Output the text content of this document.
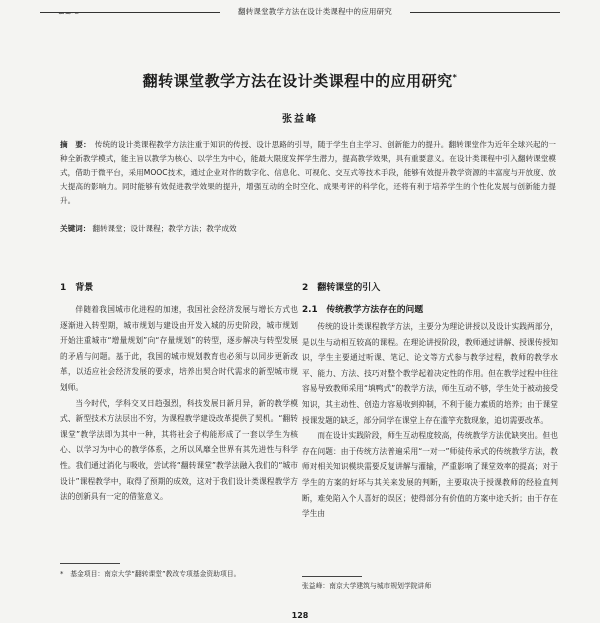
∽~～	翻转课堂教学方法在设计类课程中的应用研究
翻转课堂教学方法在设计类课程中的应用研究*
张益峰
摘　要： 传统的设计类课程教学方法注重于知识的传授、设计思路的引导，随于学生自主学习、创新能力的提升。翻转课堂作为近年全球兴起的一种全新教学模式，能主旨以教学为核心、以学生为中心，能最大限度发挥学生潜力，提高教学效果，具有重要意义。在设计类课程中引入翻转课堂模式，借助于微平台，采用MOOC技术，通过企业对作的数字化、信息化、可视化、交互式等技术手段，能够有效提升教学资源的丰富度与开放度、放大提高的影响力。同时能够有效促进教学效果的提升，增强互动的全时空化、成果考评的科学化，还将有利于培养学生的个性化发展与创新能力提升。
关键词： 翻转课堂；设计课程；教学方法；教学成效
1　背景

伴随着我国城市化进程的加速，我国社会经济发展与增长方式也逐渐进入转型期，城市规划与建设由开发入城的历史阶段，城市规划开始注重城市“增量规划”向“存量规划”的转型，逐步解决与转型发展的矛盾与问题。基于此，我国的城市规划教育也必须与以同步更新改革，以适应社会经济发展的要求，培养出契合时代需求的新型城市规划师。

当今时代，学科交叉日趋强烈，科技发展日新月异，新的教学模式、新型技术方法层出不穷，为课程教学建设改革提供了契机。“翻转课堂”教学法即为其中一种，其将社会子构能形成了一套以学生为核心、以学习为中心的教学体系，之所以风靡全世界有其先进性与科学性。我们通过消化与吸收，尝试将“翻转课堂”教学法融入我们的“城市设计”课程教学中，取得了预期的成效，这对于我们设计类课程教学方法的创新具有一定的借鉴意义。

2　翻转课堂的引入
2.1　传统教学方法存在的问题

传统的设计类课程教学方法，主要分为理论讲授以及设计实践两部分，是以生与动相互较高的课程。在理论讲授阶段，教师通过讲解、授课传授知识，学生主要通过听课、笔记、论文等方式参与教学过程，教师的教学水平、能力、方法、技巧对整个教学起着决定性的作用。但在教学过程中往往容易导致教师采用“填鸭式”的教学方法，师生互动不够，学生处于被动接受知识，其主动性、创造力容易收到抑制，不利于能力素质的培养；由于课堂授课发题的缺乏，部分同学在课堂上存在滥竽充数现象，追切需要改革。

而在设计实践阶段，师生互动程度较高，传统教学方法优缺突出。但也存在问题：由于传统方法普遍采用“一对一”师徒传承式的传统教学方法，教师对相关知识模块需要反复讲解与灌输，严重影响了课堂效率的提高；对于学生的方案的好坏与其关来发展的判断，主要取决于授课教师的经验直判断，难免陷入个人喜好的误区；使得部分有价值的方案中途夭折；由于存在学生由

*　基金项目：南京大学“翻转课堂”教改专项基金资助项目。
张益峰：南京大学建筑与城市规划学院讲师
128
